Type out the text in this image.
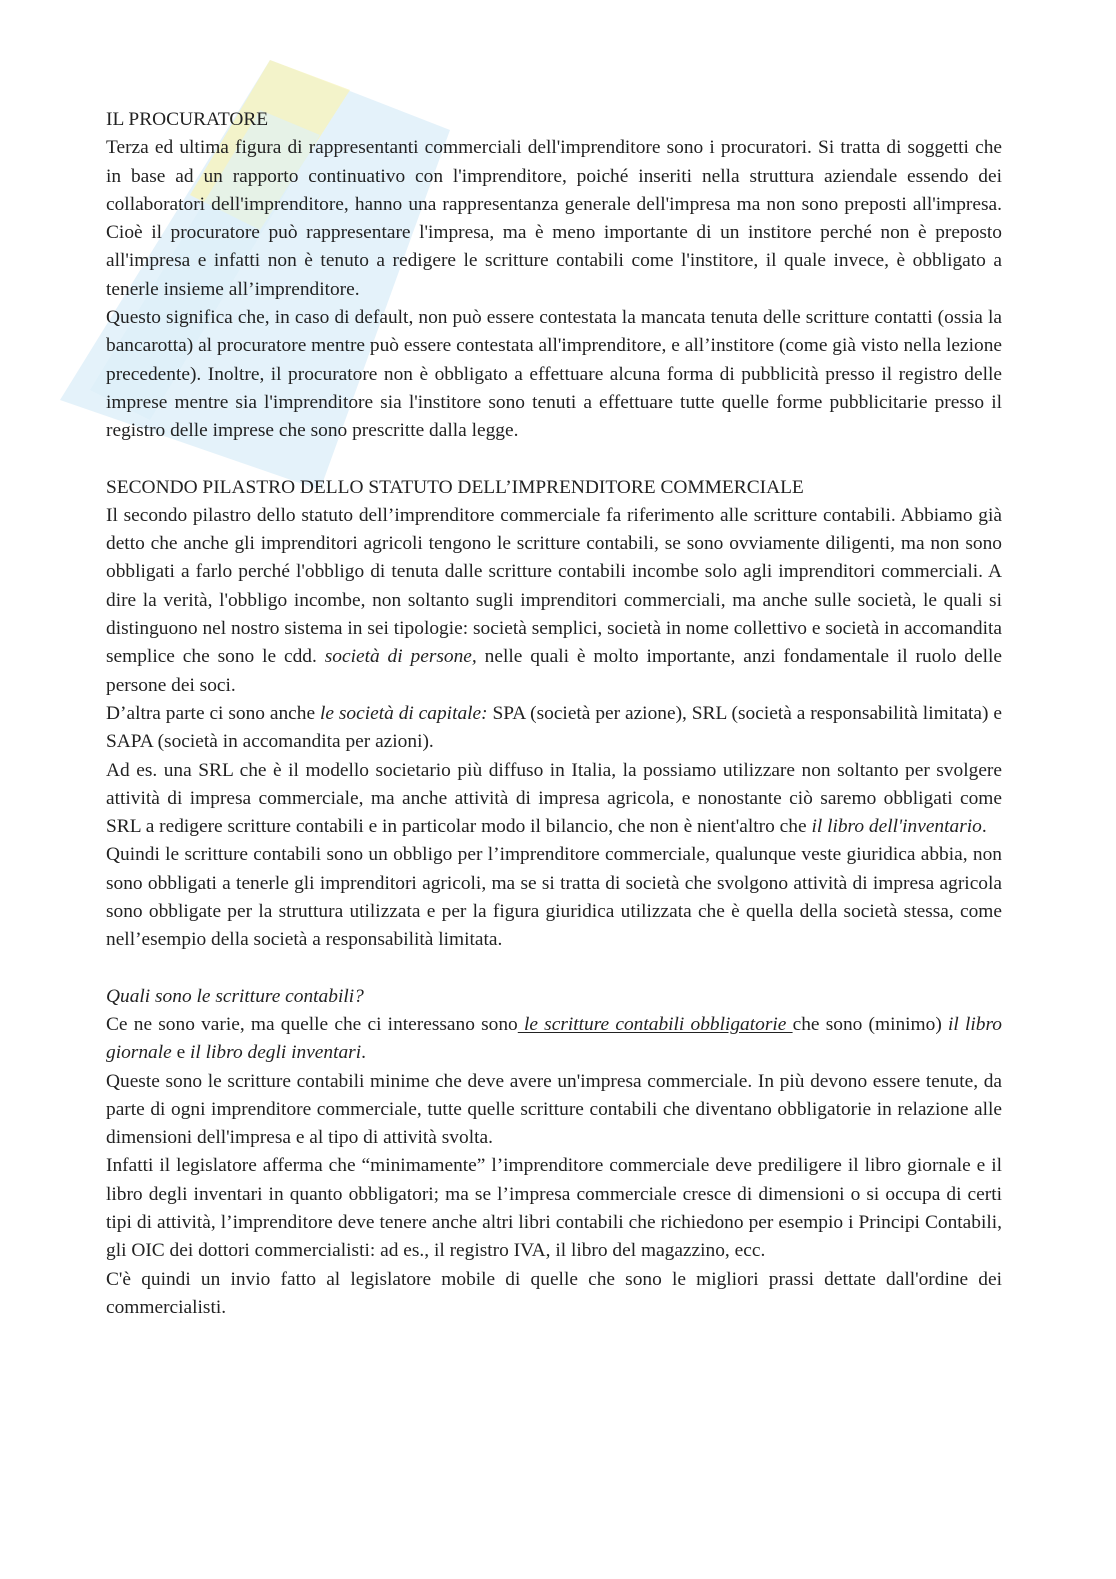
IL PROCURATORE

Terza ed ultima figura di rappresentanti commerciali dell'imprenditore sono i procuratori. Si tratta di soggetti che in base ad un rapporto continuativo con l'imprenditore, poiché inseriti nella struttura aziendale essendo dei collaboratori dell'imprenditore, hanno una rappresentanza generale dell'impresa ma non sono preposti all'impresa. Cioè il procuratore può rappresentare l'impresa, ma è meno importante di un institore perché non è preposto all'impresa e infatti non è tenuto a redigere le scritture contabili come l'institore, il quale invece, è obbligato a tenerle insieme all’imprenditore.

Questo significa che, in caso di default, non può essere contestata la mancata tenuta delle scritture contatti (ossia la bancarotta) al procuratore mentre può essere contestata all'imprenditore, e all’institore (come già visto nella lezione precedente). Inoltre, il procuratore non è obbligato a effettuare alcuna forma di pubblicità presso il registro delle imprese mentre sia l'imprenditore sia l'institore sono tenuti a effettuare tutte quelle forme pubblicitarie presso il registro delle imprese che sono prescritte dalla legge.

SECONDO PILASTRO DELLO STATUTO DELL’IMPRENDITORE COMMERCIALE

Il secondo pilastro dello statuto dell’imprenditore commerciale fa riferimento alle scritture contabili. Abbiamo già detto che anche gli imprenditori agricoli tengono le scritture contabili, se sono ovviamente diligenti, ma non sono obbligati a farlo perché l'obbligo di tenuta dalle scritture contabili incombe solo agli imprenditori commerciali. A dire la verità, l'obbligo incombe, non soltanto sugli imprenditori commerciali, ma anche sulle società, le quali si distinguono nel nostro sistema in sei tipologie: società semplici, società in nome collettivo e società in accomandita semplice che sono le cdd. società di persone, nelle quali è molto importante, anzi fondamentale il ruolo delle persone dei soci.

D’altra parte ci sono anche le società di capitale: SPA (società per azione), SRL (società a responsabilità limitata) e SAPA (società in accomandita per azioni).

Ad es. una SRL che è il modello societario più diffuso in Italia, la possiamo utilizzare non soltanto per svolgere attività di impresa commerciale, ma anche attività di impresa agricola, e nonostante ciò saremo obbligati come SRL a redigere scritture contabili e in particolar modo il bilancio, che non è nient'altro che il libro dell'inventario.

Quindi le scritture contabili sono un obbligo per l’imprenditore commerciale, qualunque veste giuridica abbia, non sono obbligati a tenerle gli imprenditori agricoli, ma se si tratta di società che svolgono attività di impresa agricola sono obbligate per la struttura utilizzata e per la figura giuridica utilizzata che è quella della società stessa, come nell’esempio della società a responsabilità limitata.

Quali sono le scritture contabili?

Ce ne sono varie, ma quelle che ci interessano sono le scritture contabili obbligatorie che sono (minimo) il libro giornale e il libro degli inventari.

Queste sono le scritture contabili minime che deve avere un'impresa commerciale. In più devono essere tenute, da parte di ogni imprenditore commerciale, tutte quelle scritture contabili che diventano obbligatorie in relazione alle dimensioni dell'impresa e al tipo di attività svolta.

Infatti il legislatore afferma che “minimamente” l’imprenditore commerciale deve prediligere il libro giornale e il libro degli inventari in quanto obbligatori; ma se l’impresa commerciale cresce di dimensioni o si occupa di certi tipi di attività, l’imprenditore deve tenere anche altri libri contabili che richiedono per esempio i Principi Contabili, gli OIC dei dottori commercialisti: ad es., il registro IVA, il libro del magazzino, ecc.

C'è quindi un invio fatto al legislatore mobile di quelle che sono le migliori prassi dettate dall'ordine dei commercialisti.
